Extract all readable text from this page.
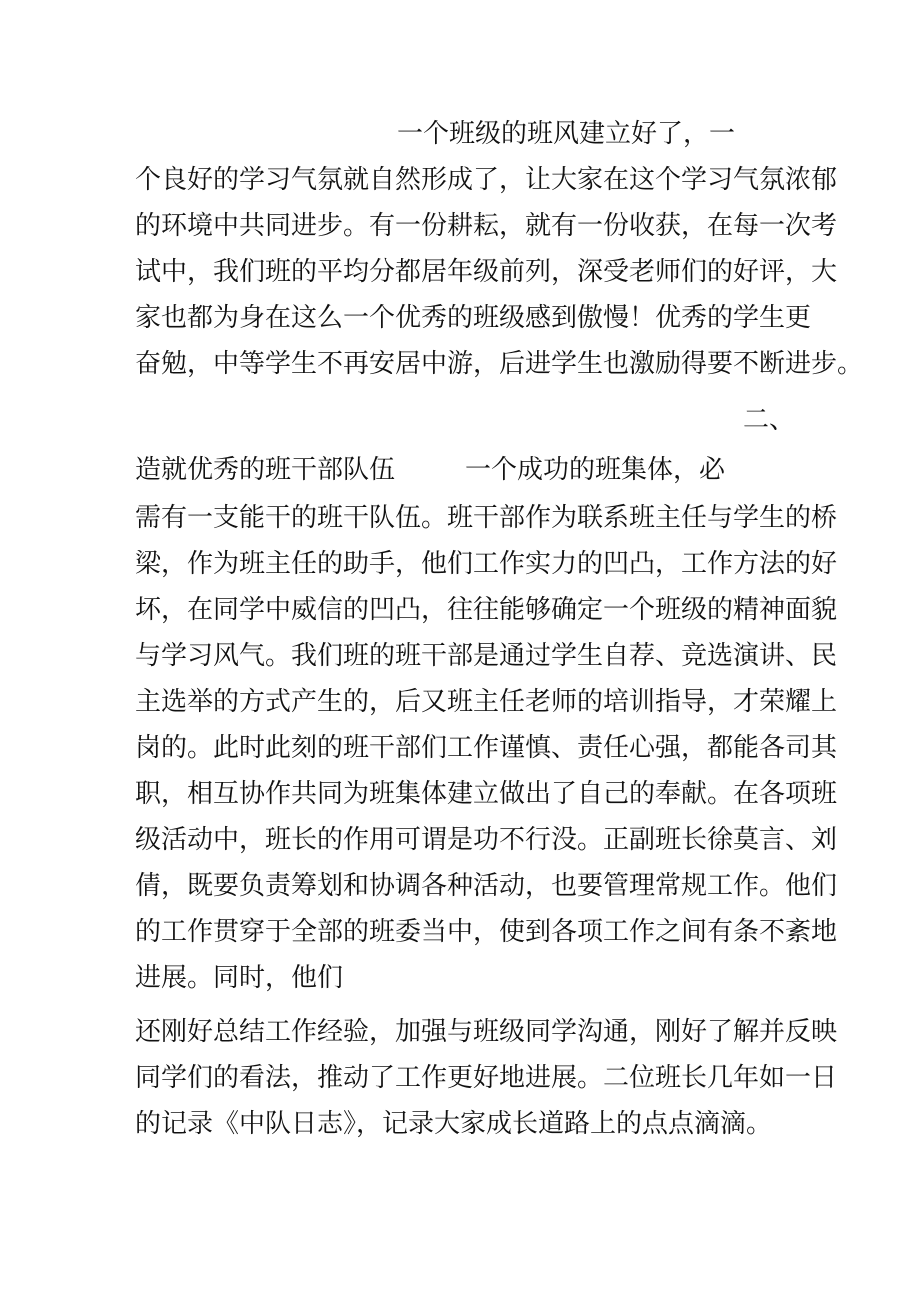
一个班级的班风建立好了，一
个良好的学习气氛就自然形成了，让大家在这个学习气氛浓郁
的环境中共同进步。有一份耕耘，就有一份收获，在每一次考
试中，我们班的平均分都居年级前列，深受老师们的好评，大
家也都为身在这么一个优秀的班级感到傲慢！优秀的学生更
奋勉，中等学生不再安居中游，后进学生也激励得要不断进步。
二、
造就优秀的班干部队伍	一个成功的班集体，必
需有一支能干的班干队伍。班干部作为联系班主任与学生的桥
梁，作为班主任的助手，他们工作实力的凹凸，工作方法的好
坏，在同学中威信的凹凸，往往能够确定一个班级的精神面貌
与学习风气。我们班的班干部是通过学生自荐、竞选演讲、民
主选举的方式产生的，后又班主任老师的培训指导，才荣耀上
岗的。此时此刻的班干部们工作谨慎、责任心强，都能各司其
职，相互协作共同为班集体建立做出了自己的奉献。在各项班
级活动中，班长的作用可谓是功不行没。正副班长徐莫言、刘
倩，既要负责筹划和协调各种活动，也要管理常规工作。他们
的工作贯穿于全部的班委当中，使到各项工作之间有条不紊地
进展。同时，他们
还刚好总结工作经验，加强与班级同学沟通，刚好了解并反映
同学们的看法，推动了工作更好地进展。二位班长几年如一日
的记录《中队日志》，记录大家成长道路上的点点滴滴。
